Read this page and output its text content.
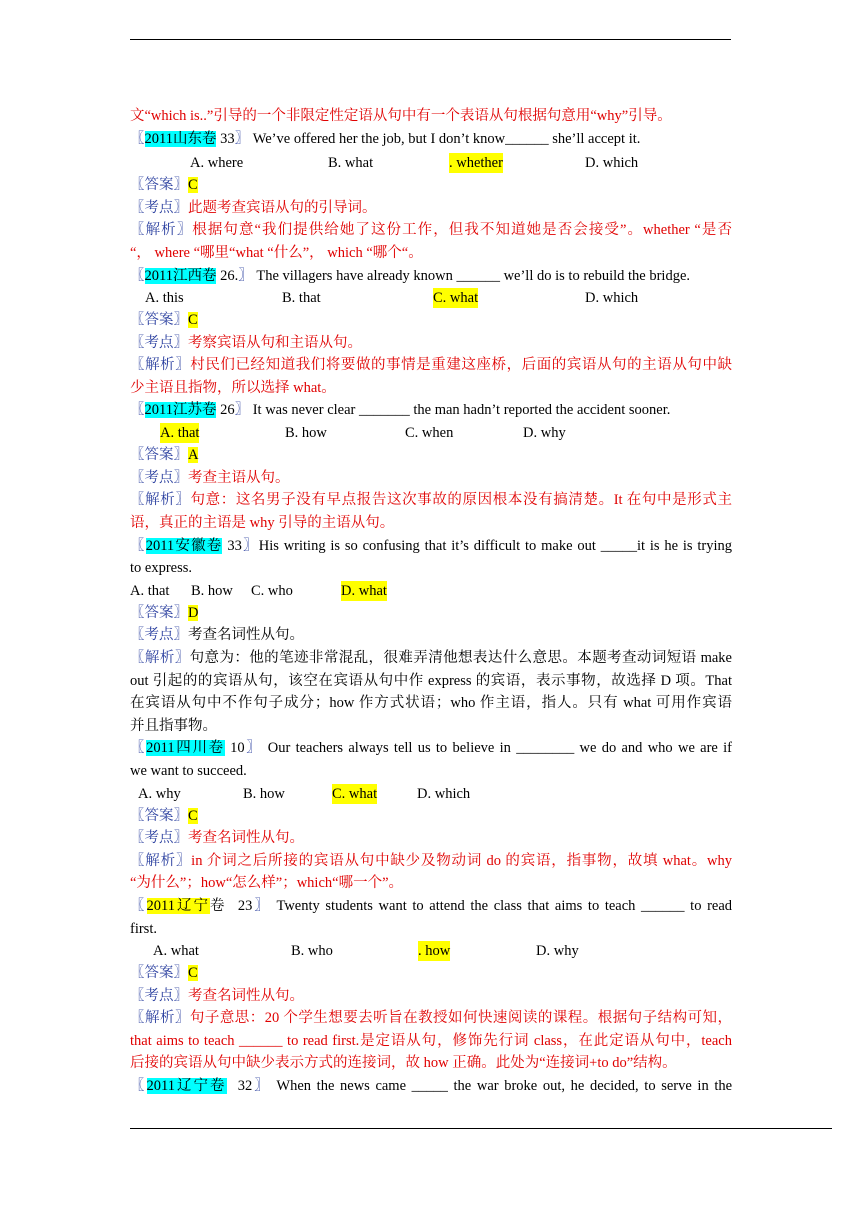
文“which is..”引导的一个非限定性定语从句中有一个表语从句根据句意用“why”引导。
〖2011山东卷 33〗 We’ve offered her the job, but I don’t know______ she’ll accept it.
A. where	B. what	. whether	D. which
〖答案〗C
〖考点〗此题考查宾语从句的引导词。
〖解析〗根据句意“我们提供给她了这份工作，但我不知道她是否会接受”。whether “是否
“， where “哪里“what “什么”， which “哪个“。
〖2011江西卷 26.〗 The villagers have already known ______ we’ll do is to rebuild the bridge.
A. this	B. that	C. what	D. which
〖答案〗C
〖考点〗考察宾语从句和主语从句。
〖解析〗村民们已经知道我们将要做的事情是重建这座桥，后面的宾语从句的主语从句中缺
少主语且指物，所以选择 what。
〖2011江苏卷 26〗 It was never clear _______ the man hadn’t reported the accident sooner.
A. that	B. how	C. when	D. why
〖答案〗A
〖考点〗考查主语从句。
〖解析〗句意：这名男子没有早点报告这次事故的原因根本没有搞清楚。It 在句中是形式主
语，真正的主语是 why 引导的主语从句。
〖2011安徽卷 33〗His writing is so confusing that it’s difficult to make out _____it is he is trying
to express.
A. that B. how C. who	D. what
〖答案〗D
〖考点〗考查名词性从句。
〖解析〗句意为：他的笔迹非常混乱，很难弄清他想表达什么意思。本题考查动词短语 make
out 引起的的宾语从句，该空在宾语从句中作 express 的宾语，表示事物，故选择 D 项。That
在宾语从句中不作句子成分；how 作方式状语；who 作主语，指人。只有 what 可用作宾语
并且指事物。
〖2011四川卷 10〗 Our teachers always tell us to believe in ________ we do and who we are if
we want to succeed.
A. why	B. how	C. what	D. which
〖答案〗C
〖考点〗考查名词性从句。
〖解析〗in 介词之后所接的宾语从句中缺少及物动词 do 的宾语，指事物，故填 what。why
“为什么”；how“怎么样”；which“哪一个”。
〖2011辽宁卷 23〗 Twenty students want to attend the class that aims to teach ______ to read
first.
A. what	B. who	. how	D. why
〖答案〗C
〖考点〗考查名词性从句。
〖解析〗句子意思：20 个学生想要去听旨在教授如何快速阅读的课程。根据句子结构可知，
that aims to teach ______ to read first.是定语从句，修饰先行词 class，在此定语从句中，teach
后接的宾语从句中缺少表示方式的连接词，故 how 正确。此处为“连接词+to do”结构。
〖2011辽宁卷 32〗 When the news came _____ the war broke out, he decided, to serve in the
